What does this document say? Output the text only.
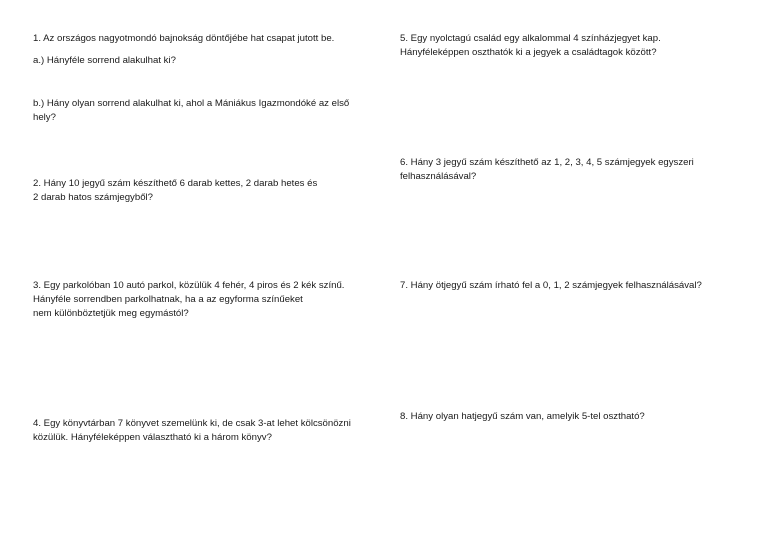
1. Az országos nagyotmondó bajnokság döntőjébe hat csapat jutott be.

a.) Hányféle sorrend alakulhat ki?

b.) Hány olyan sorrend alakulhat ki, ahol a Mániákus Igazmondóké az első

hely?

2. Hány 10 jegyű szám készíthető 6 darab kettes, 2 darab hetes és

2 darab hatos számjegyből?

3. Egy parkolóban 10 autó parkol, közülük 4 fehér, 4 piros és 2 kék színű.

Hányféle sorrendben parkolhatnak, ha a az egyforma színűeket

nem különböztetjük meg egymástól?

4. Egy könyvtárban 7 könyvet szemelünk ki, de csak 3-at lehet kölcsönözni

közülük. Hányféleképpen választható ki a három könyv?

5. Egy nyolctagú család egy alkalommal 4 színházjegyet kap.

Hányféleképpen oszthatók ki a jegyek a családtagok között?

6. Hány 3 jegyű szám készíthető az 1, 2, 3, 4, 5 számjegyek egyszeri

felhasználásával?

7. Hány ötjegyű szám írható fel a 0, 1, 2 számjegyek felhasználásával?

8. Hány olyan hatjegyű szám van, amelyik 5-tel osztható?
